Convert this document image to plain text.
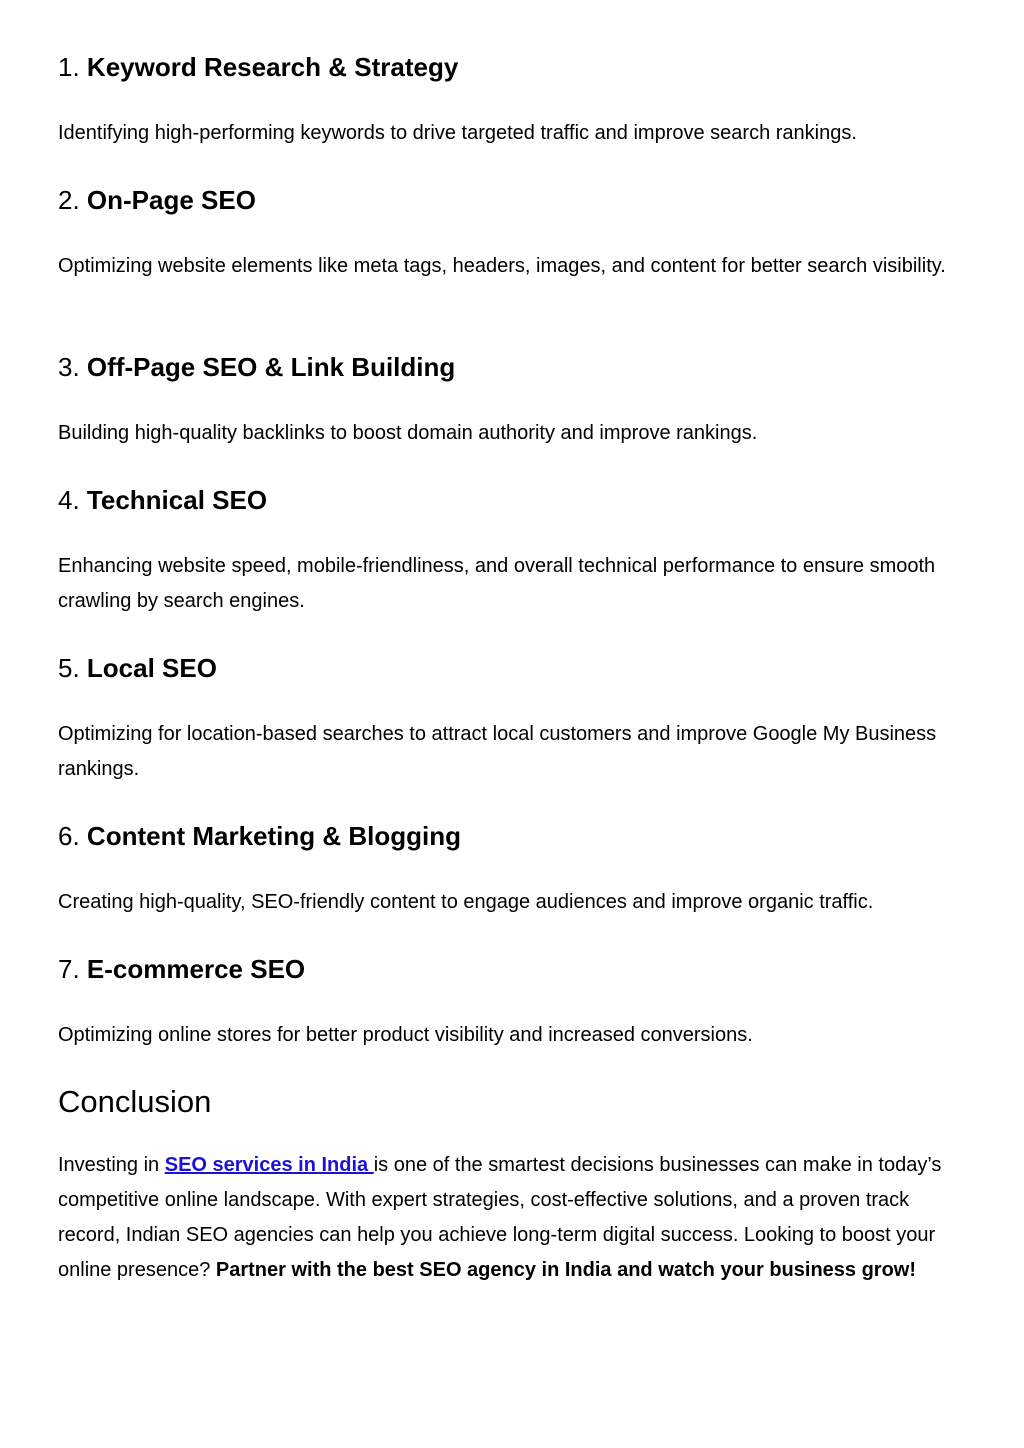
1. Keyword Research & Strategy

Identifying high-performing keywords to drive targeted traffic and improve search rankings.

2. On-Page SEO

Optimizing website elements like meta tags, headers, images, and content for better search visibility.

3. Off-Page SEO & Link Building

Building high-quality backlinks to boost domain authority and improve rankings.

4. Technical SEO

Enhancing website speed, mobile-friendliness, and overall technical performance to ensure smooth crawling by search engines.

5. Local SEO

Optimizing for location-based searches to attract local customers and improve Google My Business rankings.

6. Content Marketing & Blogging

Creating high-quality, SEO-friendly content to engage audiences and improve organic traffic.

7. E-commerce SEO

Optimizing online stores for better product visibility and increased conversions.

Conclusion

Investing in SEO services in India is one of the smartest decisions businesses can make in today’s competitive online landscape. With expert strategies, cost-effective solutions, and a proven track record, Indian SEO agencies can help you achieve long-term digital success. Looking to boost your online presence? Partner with the best SEO agency in India and watch your business grow!
